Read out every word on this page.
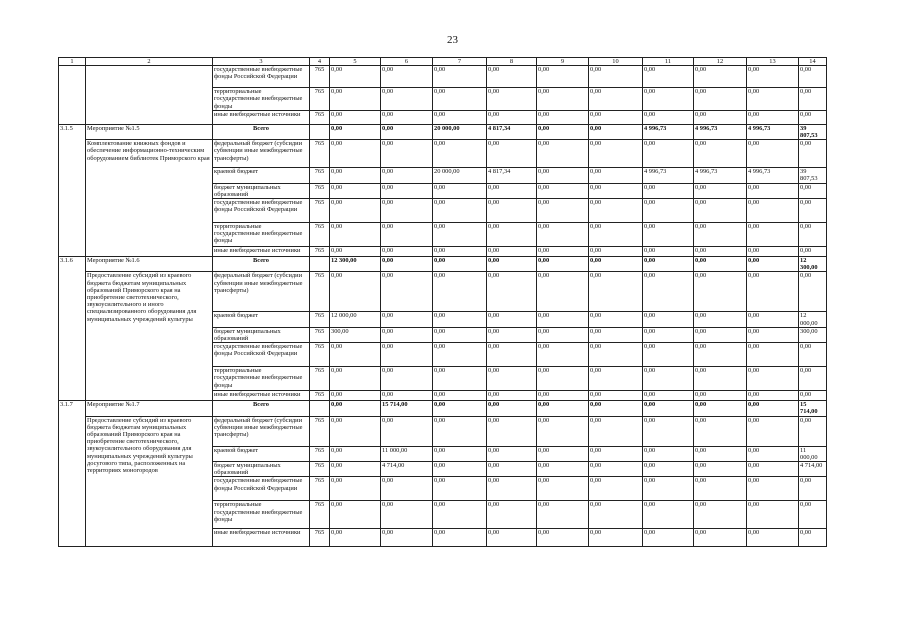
23
1	2	3	4	5	6	7	8	9	10	11	12	13	14
		государственные внебюджетные фонды Российской Федерации	765	0,00	0,00	0,00	0,00	0,00	0,00	0,00	0,00	0,00	0,00
		территориальные государственные внебюджетные фонды	765	0,00	0,00	0,00	0,00	0,00	0,00	0,00	0,00	0,00	0,00
		иные внебюджетные источники	765	0,00	0,00	0,00	0,00	0,00	0,00	0,00	0,00	0,00	0,00
3.1.5	Мероприятие №1.5	Всего		0,00	0,00	20 000,00	4 817,34	0,00	0,00	4 996,73	4 996,73	4 996,73	39 807,53
	Комплектование книжных фондов и обеспечение информационно-техническим оборудованием библиотек Приморского края	федеральный бюджет (субсидии субвенции иные межбюджетные трансферты)	765	0,00	0,00	0,00	0,00	0,00	0,00	0,00	0,00	0,00	0,00
		краевой бюджет	765	0,00	0,00	20 000,00	4 817,34	0,00	0,00	4 996,73	4 996,73	4 996,73	39 807,53
		бюджет муниципальных образований	765	0,00	0,00	0,00	0,00	0,00	0,00	0,00	0,00	0,00	0,00
		государственные внебюджетные фонды Российской Федерации	765	0,00	0,00	0,00	0,00	0,00	0,00	0,00	0,00	0,00	0,00
		территориальные государственные внебюджетные фонды	765	0,00	0,00	0,00	0,00	0,00	0,00	0,00	0,00	0,00	0,00
		иные внебюджетные источники	765	0,00	0,00	0,00	0,00	0,00	0,00	0,00	0,00	0,00	0,00
3.1.6	Мероприятие №1.6	Всего		12 300,00	0,00	0,00	0,00	0,00	0,00	0,00	0,00	0,00	12 300,00
	Предоставление субсидий из краевого бюджета бюджетам муниципальных образований Приморского края на приобретение светотехнического, звукоусилительного и иного специализированного оборудования для муниципальных учреждений культуры	федеральный бюджет (субсидии субвенции иные межбюджетные трансферты)	765	0,00	0,00	0,00	0,00	0,00	0,00	0,00	0,00	0,00	0,00
		краевой бюджет	765	12 000,00	0,00	0,00	0,00	0,00	0,00	0,00	0,00	0,00	12 000,00
		бюджет муниципальных образований	765	300,00	0,00	0,00	0,00	0,00	0,00	0,00	0,00	0,00	300,00
		государственные внебюджетные фонды Российской Федерации	765	0,00	0,00	0,00	0,00	0,00	0,00	0,00	0,00	0,00	0,00
		территориальные государственные внебюджетные фонды	765	0,00	0,00	0,00	0,00	0,00	0,00	0,00	0,00	0,00	0,00
		иные внебюджетные источники	765	0,00	0,00	0,00	0,00	0,00	0,00	0,00	0,00	0,00	0,00
3.1.7	Мероприятие №1.7	Всего		0,00	15 714,00	0,00	0,00	0,00	0,00	0,00	0,00	0,00	15 714,00
	Предоставление субсидий из краевого бюджета бюджетам муниципальных образований Приморского края на приобретение светотехнического, звукоусилительного оборудования для муниципальных учреждений культуры досугового типа, расположенных на территориях моногородов	федеральный бюджет (субсидии субвенции иные межбюджетные трансферты)	765	0,00	0,00	0,00	0,00	0,00	0,00	0,00	0,00	0,00	0,00
		краевой бюджет	765	0,00	11 000,00	0,00	0,00	0,00	0,00	0,00	0,00	0,00	11 000,00
		бюджет муниципальных образований	765	0,00	4 714,00	0,00	0,00	0,00	0,00	0,00	0,00	0,00	4 714,00
		государственные внебюджетные фонды Российской Федерации	765	0,00	0,00	0,00	0,00	0,00	0,00	0,00	0,00	0,00	0,00
		территориальные государственные внебюджетные фонды	765	0,00	0,00	0,00	0,00	0,00	0,00	0,00	0,00	0,00	0,00
		иные внебюджетные источники	765	0,00	0,00	0,00	0,00	0,00	0,00	0,00	0,00	0,00	0,00
